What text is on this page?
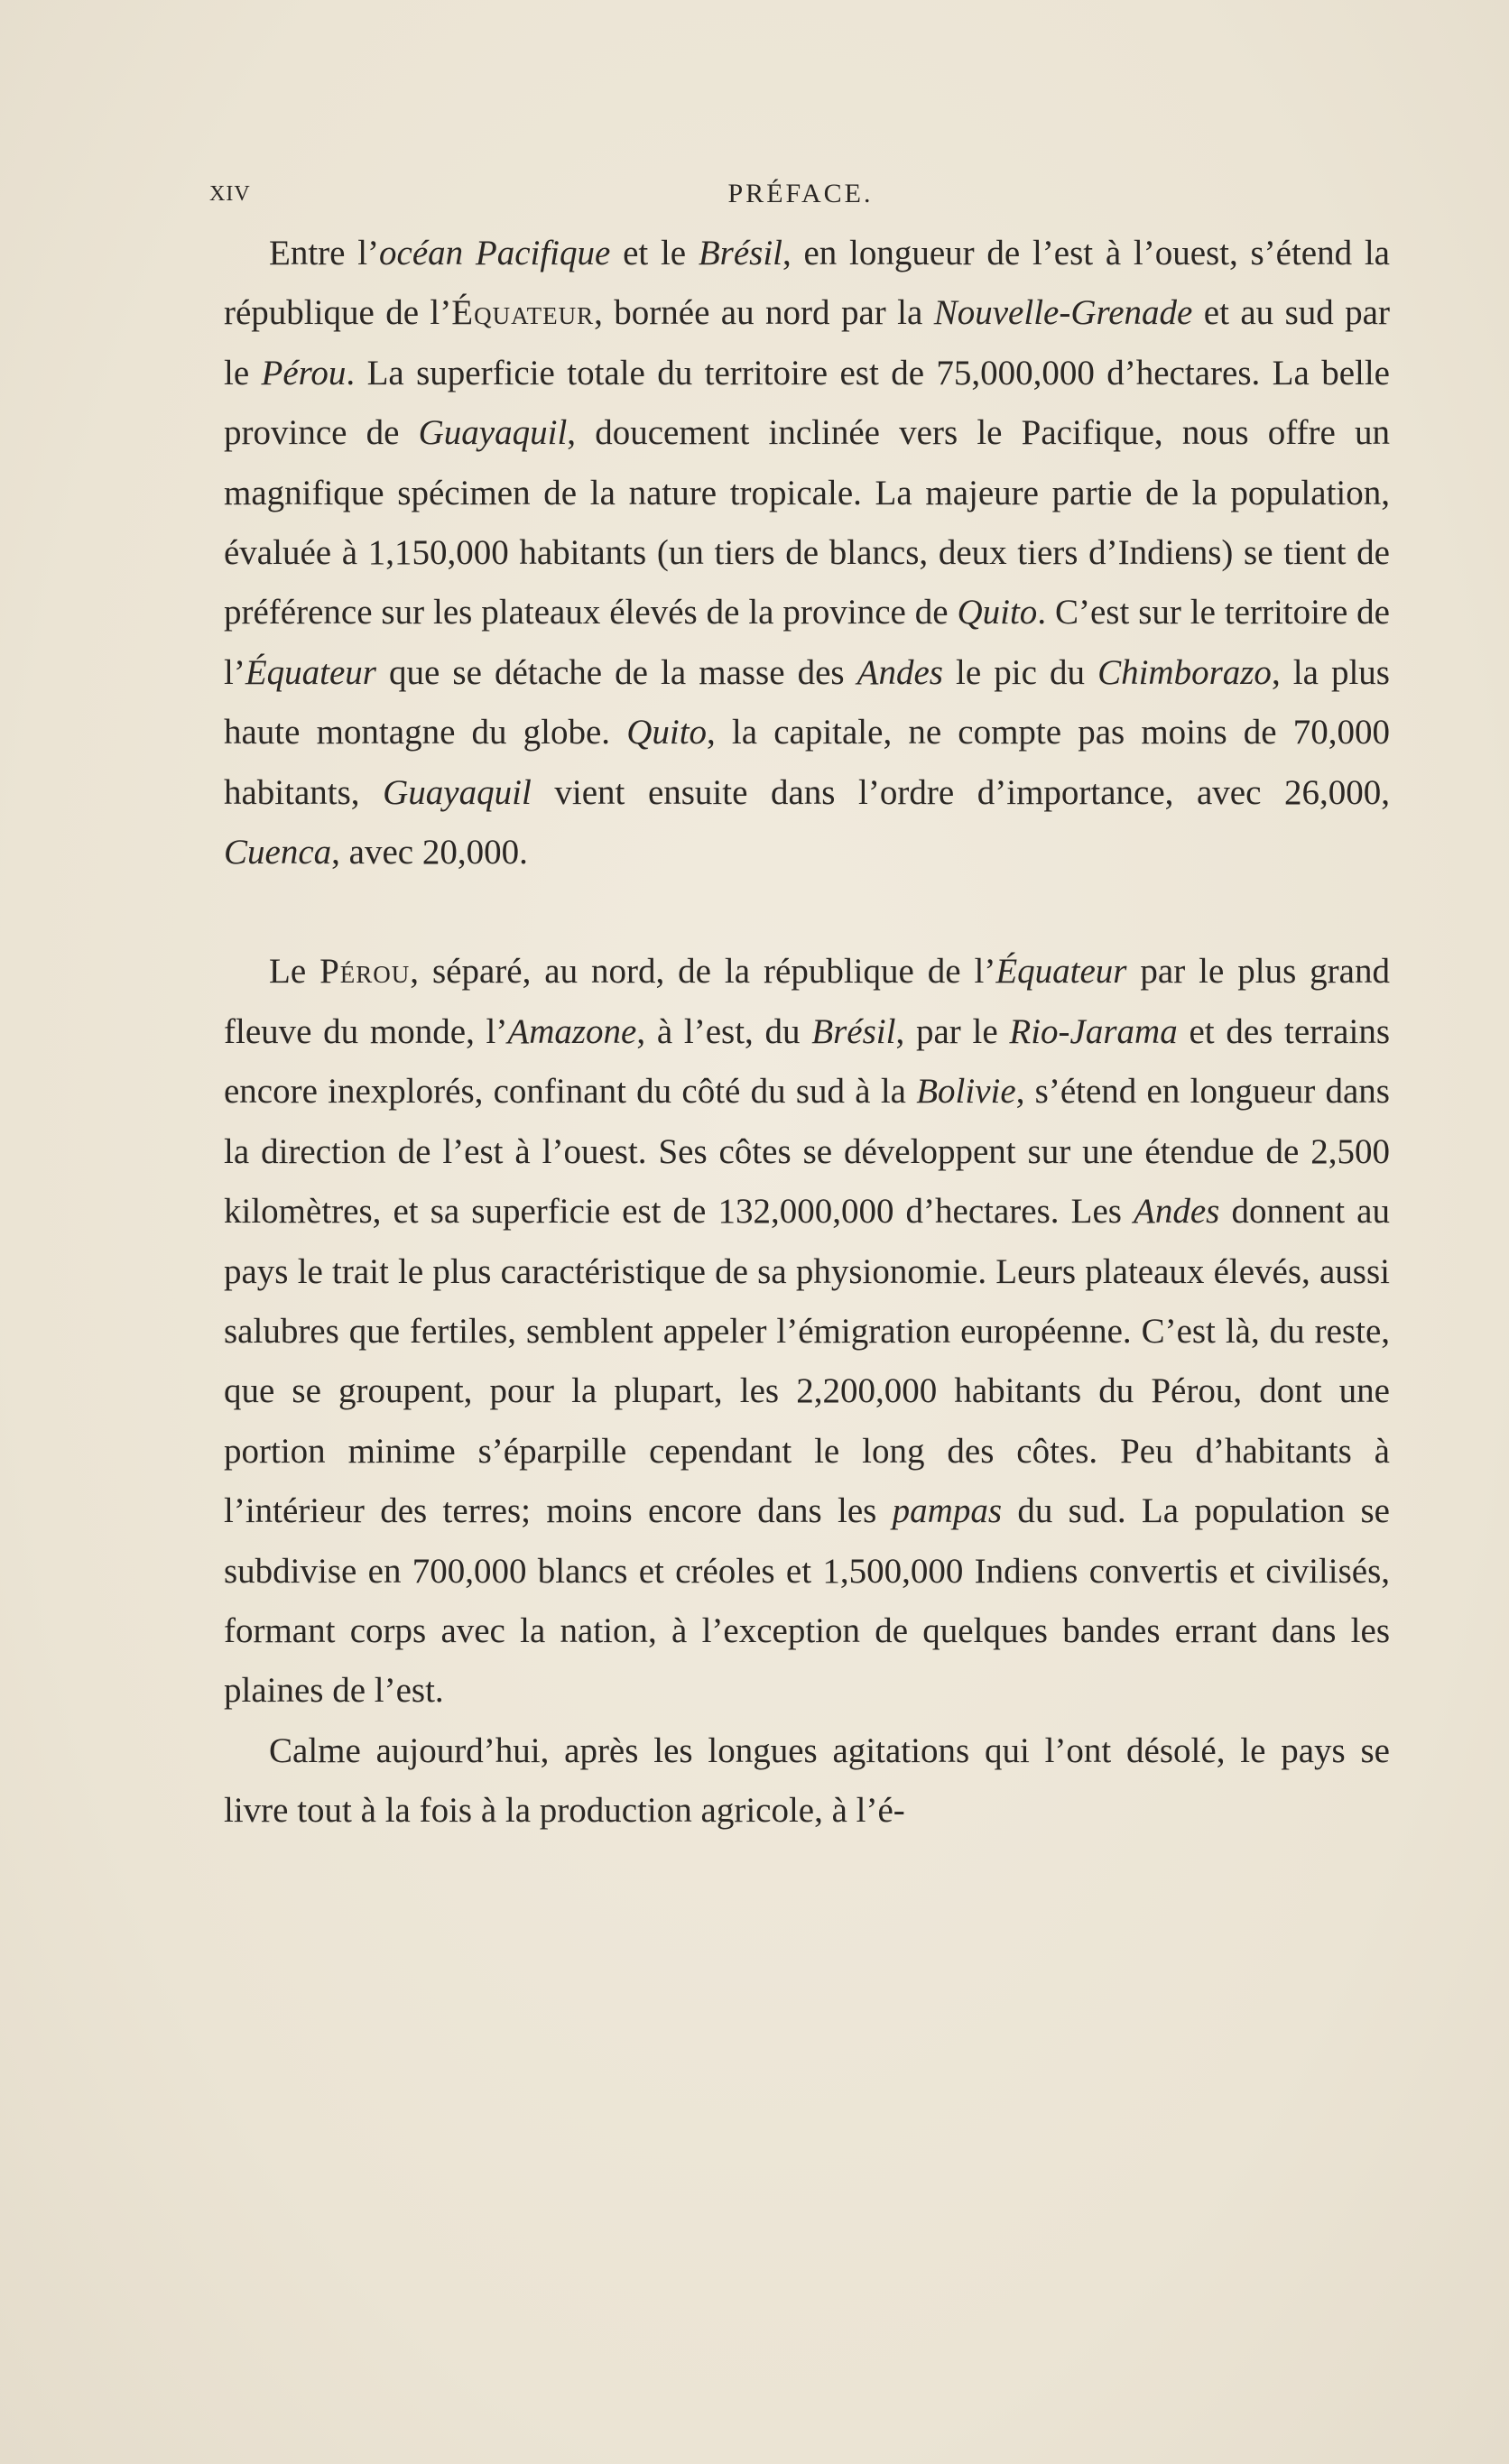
XIV	PRÉFACE.

Entre l’océan Pacifique et le Brésil, en longueur de l’est à l’ouest, s’étend la république de l’Équateur, bornée au nord par la Nouvelle-Grenade et au sud par le Pérou. La superficie totale du territoire est de 75,000,000 d’hectares. La belle province de Guayaquil, doucement inclinée vers le Pacifique, nous offre un magnifique spécimen de la nature tropicale. La majeure partie de la population, évaluée à 1,150,000 habitants (un tiers de blancs, deux tiers d’Indiens) se tient de préférence sur les plateaux élevés de la province de Quito. C’est sur le territoire de l’Équateur que se détache de la masse des Andes le pic du Chimborazo, la plus haute montagne du globe. Quito, la capitale, ne compte pas moins de 70,000 habitants, Guayaquil vient ensuite dans l’ordre d’importance, avec 26,000, Cuenca, avec 20,000.

Le Pérou, séparé, au nord, de la république de l’Équateur par le plus grand fleuve du monde, l’Amazone, à l’est, du Brésil, par le Rio-Jarama et des terrains encore inexplorés, confinant du côté du sud à la Bolivie, s’étend en longueur dans la direction de l’est à l’ouest. Ses côtes se développent sur une étendue de 2,500 kilomètres, et sa superficie est de 132,000,000 d’hectares. Les Andes donnent au pays le trait le plus caractéristique de sa physionomie. Leurs plateaux élevés, aussi salubres que fertiles, semblent appeler l’émigration européenne. C’est là, du reste, que se groupent, pour la plupart, les 2,200,000 habitants du Pérou, dont une portion minime s’éparpille cependant le long des côtes. Peu d’habitants à l’intérieur des terres; moins encore dans les pampas du sud. La population se subdivise en 700,000 blancs et créoles et 1,500,000 Indiens convertis et civilisés, formant corps avec la nation, à l’exception de quelques bandes errant dans les plaines de l’est.

Calme aujourd’hui, après les longues agitations qui l’ont désolé, le pays se livre tout à la fois à la production agricole, à l’é-
